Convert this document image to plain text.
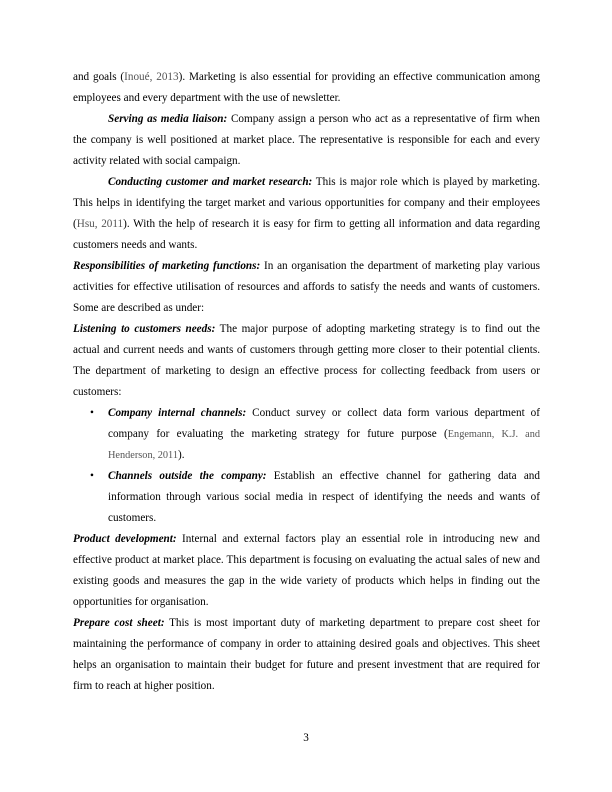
and goals (Inoué, 2013). Marketing is also essential for providing an effective communication among employees and every department with the use of newsletter.

Serving as media liaison: Company assign a person who act as a representative of firm when the company is well positioned at market place. The representative is responsible for each and every activity related with social campaign.

Conducting customer and market research: This is major role which is played by marketing. This helps in identifying the target market and various opportunities for company and their employees (Hsu, 2011). With the help of research it is easy for firm to getting all information and data regarding customers needs and wants.

Responsibilities of marketing functions: In an organisation the department of marketing play various activities for effective utilisation of resources and affords to satisfy the needs and wants of customers. Some are described as under:

Listening to customers needs: The major purpose of adopting marketing strategy is to find out the actual and current needs and wants of customers through getting more closer to their potential clients. The department of marketing to design an effective process for collecting feedback from users or customers:

• Company internal channels: Conduct survey or collect data form various department of company for evaluating the marketing strategy for future purpose (Engemann, K.J. and Henderson, 2011).
• Channels outside the company: Establish an effective channel for gathering data and information through various social media in respect of identifying the needs and wants of customers.

Product development: Internal and external factors play an essential role in introducing new and effective product at market place. This department is focusing on evaluating the actual sales of new and existing goods and measures the gap in the wide variety of products which helps in finding out the opportunities for organisation.

Prepare cost sheet: This is most important duty of marketing department to prepare cost sheet for maintaining the performance of company in order to attaining desired goals and objectives. This sheet helps an organisation to maintain their budget for future and present investment that are required for firm to reach at higher position.

3
